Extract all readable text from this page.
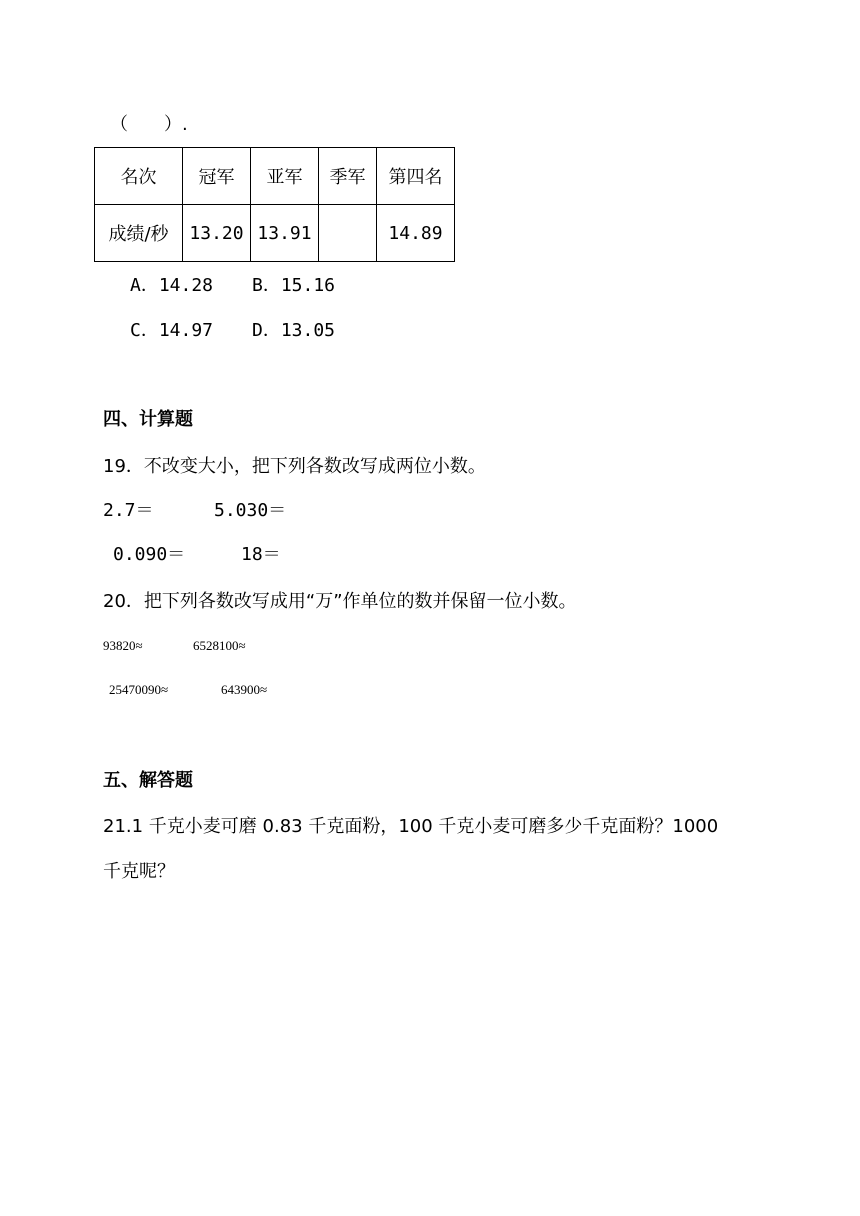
（　　）.
名次	冠军	亚军	季军	第四名
成绩/秒	13.20	13.91		14.89
A．14.28 B．15.16
C．14.97 D．13.05
四、计算题
19．不改变大小，把下列各数改写成两位小数。
2.7＝	5.030＝
0.090＝	18＝
20．把下列各数改写成用“万”作单位的数并保留一位小数。
93820≈	6528100≈
25470090≈	643900≈
五、解答题
21.1 千克小麦可磨 0.83 千克面粉，100 千克小麦可磨多少千克面粉？1000
千克呢？
